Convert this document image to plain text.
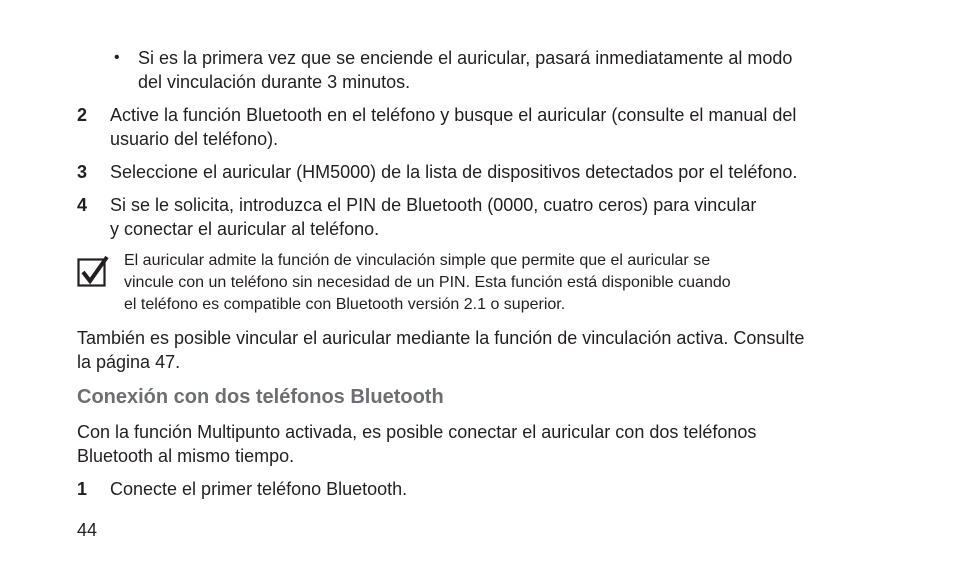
• Si es la primera vez que se enciende el auricular, pasará inmediatamente al modo
del vinculación durante 3 minutos.
2 Active la función Bluetooth en el teléfono y busque el auricular (consulte el manual del
usuario del teléfono).
3 Seleccione el auricular (HM5000) de la lista de dispositivos detectados por el teléfono.
4 Si se le solicita, introduzca el PIN de Bluetooth (0000, cuatro ceros) para vincular
y conectar el auricular al teléfono.
El auricular admite la función de vinculación simple que permite que el auricular se
vincule con un teléfono sin necesidad de un PIN. Esta función está disponible cuando
el teléfono es compatible con Bluetooth versión 2.1 o superior.
También es posible vincular el auricular mediante la función de vinculación activa. Consulte
la página 47.
Conexión con dos teléfonos Bluetooth
Con la función Multipunto activada, es posible conectar el auricular con dos teléfonos
Bluetooth al mismo tiempo.
1 Conecte el primer teléfono Bluetooth.
44
